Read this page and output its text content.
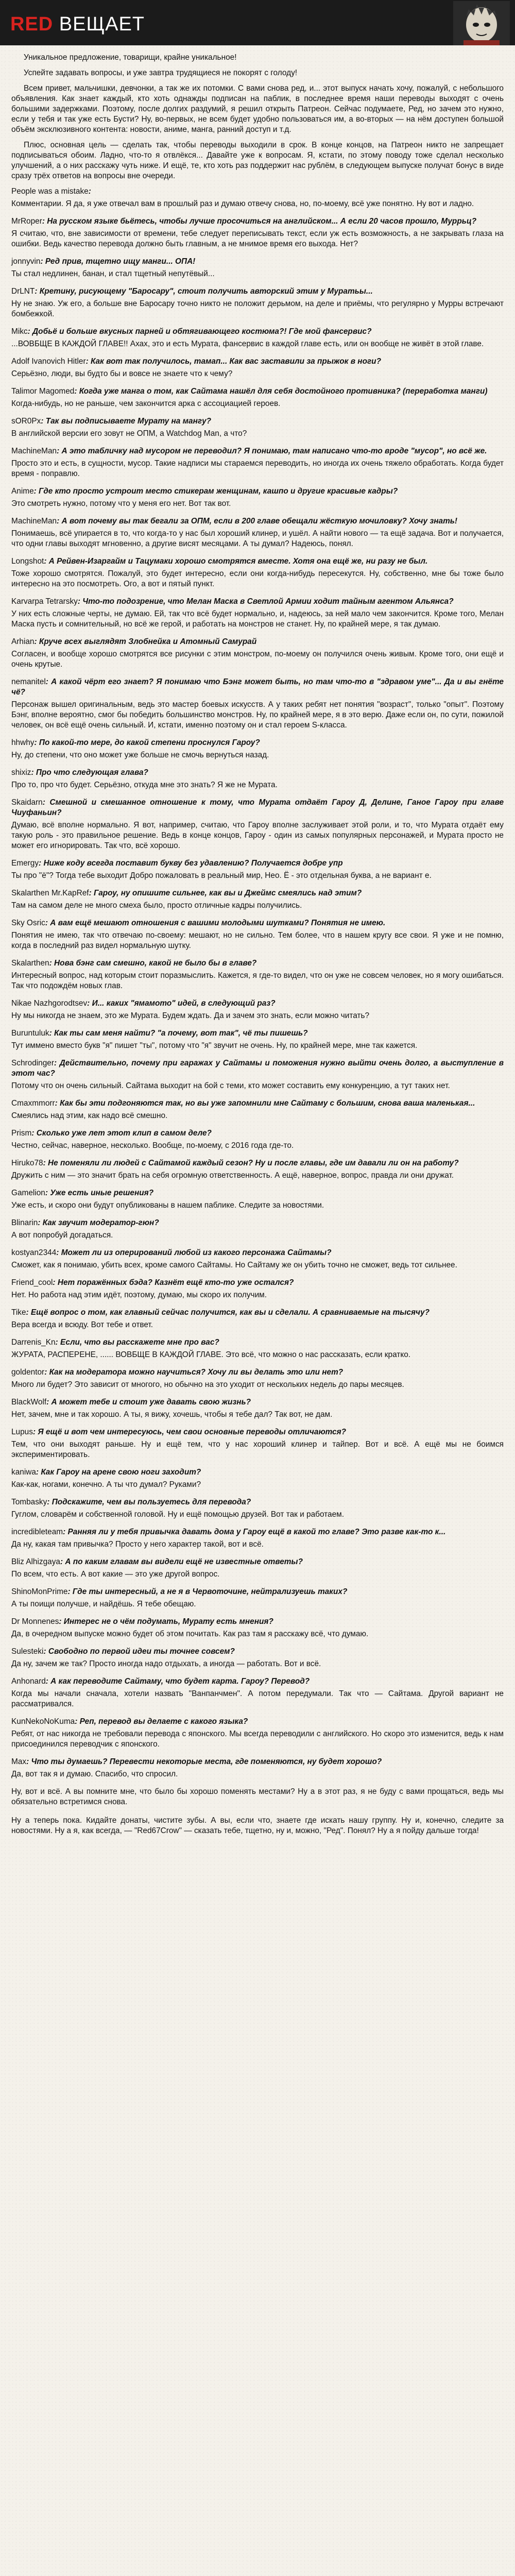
RED ВЕЩАЕТ

Уникальное предложение, товарищи, крайне уникальное!

Успейте задавать вопросы, и уже завтра трудящиеся не покорят с голоду!

Всем привет, мальчишки, девчонки, а так же их потомки. С вами снова ред, и... этот выпуск начать хочу, пожалуй, с небольшого объявления. Как знает каждый, кто хоть однажды подписан на паблик, в последнее время наши переводы выходят с очень большими задержками. Поэтому, после долгих раздумий, я решил открыть Патреон. Сейчас подумаете, Ред, но зачем это нужно, если у тебя и так уже есть Бусти? Ну, во-первых, не всем будет удобно пользоваться им, а во-вторых — на нём доступен большой объём эксклюзивного контента: новости, аниме, манга, ранний доступ и т.д.

Плюс, основная цель — сделать так, чтобы переводы выходили в срок. В конце концов, на Патреон никто не запрещает подписываться обоим. Ладно, что-то я отвлёкся... Давайте уже к вопросам. Я, кстати, по этому поводу тоже сделал несколько улучшений, а о них расскажу чуть ниже. И ещё, те, кто хоть раз поддержит нас рублём, в следующем выпуске получат бонус в виде сразу трёх ответов на вопросы вне очереди.

People was a mistake:

Комментарии. Я да, я уже отвечал вам в прошлый раз и думаю отвечу снова, но, по-моему, всё уже понятно. Ну вот и ладно.

MrRoper: На русском языке бьётесь, чтобы лучше просочиться на английском... А если 20 часов прошло, Муррьц?

Я считаю, что, вне зависимости от времени, тебе следует переписывать текст, если уж есть возможность, а не закрывать глаза на ошибки. Ведь качество перевода должно быть главным, а не мнимое время его выхода. Нет?

jonnyvin: Ред прив, тщетно ищу манги... ОПА!

Ты стал недлинен, банан, и стал тщетный непутёвый...

DrLNT: Кретину, рисующему "Баросару", стоит получить авторский этим у Муратьы...

Ну не знаю. Уж его, а больше вне Баросару точно никто не положит дерьмом, на деле и приёмы, что регулярно у Мурры встречают бомбежкой.

Mikc: Добьё и больше вкусных парней и обтягивающего костюма?! Где мой фансервис?

...ВОВБЩЕ В КАЖДОЙ ГЛАВЕ!! Ахах, это и есть Мурата, фансервис в каждой главе есть, или он вообще не живёт в этой главе.

Adolf Ivanovich Hitler: Как вот так получилось, тамап... Как вас заставили за прыжок в ноги?

Серьёзно, люди, вы будто бы и вовсе не знаете что к чему?

Talimor Magomed: Когда уже манга о том, как Сайтама нашёл для себя достойного противника? (переработка манги)

Когда-нибудь, но не раньше, чем закончится арка с ассоциацией героев.

sOR0Px: Так вы подписываете Мурату на мангу?

В английской версии его зовут не ОПМ, а Watchdog Man, а что?

MachineMan: А это табличку над мусором не переводил? Я понимаю, там написано что-то вроде "мусор", но всё же.

Просто это и есть, в сущности, мусор. Такие надписи мы стараемся переводить, но иногда их очень тяжело обработать. Когда будет время - поправлю.

Anime: Где кто просто устроит место стикерам женщинам, кашпо и другие красивые кадры?

Это смотреть нужно, потому что у меня его нет. Вот так вот.

MachineMan: А вот почему вы так бегали за ОПМ, если в 200 главе обещали жёсткую мочиловку? Хочу знать!

Понимаешь, всё упирается в то, что когда-то у нас был хороший клинер, и ушёл. А найти нового — та ещё задача. Вот и получается, что одни главы выходят мгновенно, а другие висят месяцами. А ты думал? Надеюсь, понял.

Longshot: А Рейвен-Изаргайм и Тацумаки хорошо смотрятся вместе. Хотя она ещё же, ни разу не был.

Тоже хорошо смотрятся. Пожалуй, это будет интересно, если они когда-нибудь пересекутся. Ну, собственно, мне бы тоже было интересно на это посмотреть. Ого, а вот и пятый пункт.

Karvarpa Tetrarsky: Что-то подозрение, что Мелан Маска в Светлой Армии ходит тайным агентом Альянса?

У них есть сложные черты, не думаю. Ей, так что всё будет нормально, и, надеюсь, за ней мало чем закончится. Кроме того, Мелан Маска пусть и сомнительный, но всё же герой, и работать на монстров не станет. Ну, по крайней мере, я так думаю.

Arhian: Круче всех выглядят Злобнейка и Атомный Самурай

Согласен, и вообще хорошо смотрятся все рисунки с этим монстром, по-моему он получился очень живым. Кроме того, они ещё и очень крутые.

nemanitel: А какой чёрт его знает? Я понимаю что Бэнг может быть, но там что-то в "здравом уме"... Да и вы гнёте чё?

Персонаж вышел оригинальным, ведь это мастер боевых искусств. А у таких ребят нет понятия "возраст", только "опыт". Поэтому Бэнг, вполне вероятно, смог бы победить большинство монстров. Ну, по крайней мере, я в это верю. Даже если он, по сути, пожилой человек, он всё ещё очень сильный. И, кстати, именно поэтому он и стал героем S-класса.

hhwhy: По какой-то мере, до какой степени проснулся Гароу?

Ну, до степени, что оно может уже больше не смочь вернуться назад.

shixiz: Про что следующая глава?

Про то, про что будет. Серьёзно, откуда мне это знать? Я же не Мурата.

Skaidarn: Смешной и смешанное отношение к тому, что Мурата отдаёт Гароу Д, Делине, Ганое Гароу при главе Чиуфаньин?

Думаю, всё вполне нормально. Я вот, например, считаю, что Гароу вполне заслуживает этой роли, и то, что Мурата отдаёт ему такую роль - это правильное решение. Ведь в конце концов, Гароу - один из самых популярных персонажей, и Мурата просто не может его игнорировать. Так что, всё хорошо.

Emergy: Ниже коду всегда поставит букву без удавлению? Получается добре упр

Ты про "ё"? Тогда тебе выходит Добро пожаловать в реальный мир, Нео. Ё - это отдельная буква, а не вариант е.

Skalarthen Mr.KapRef: Гароу, ну опишите сильнее, как вы и Джеймс смеялись над этим?

Там на самом деле не много смеха было, просто отличные кадры получились.

Sky Osric: А вам ещё мешают отношения с вашими молодыми шутками? Понятия не имею.

Понятия не имею, так что отвечаю по-своему: мешают, но не сильно. Тем более, что в нашем кругу все свои. Я уже и не помню, когда в последний раз видел нормальную шутку.

Skalarthen: Нова бэнг сам смешно, какой не было бы в главе?

Интересный вопрос, над которым стоит поразмыслить. Кажется, я где-то видел, что он уже не совсем человек, но я могу ошибаться. Так что подождём новых глав.

Nikae Nazhgorodtsev: И... каких "ямамото" идей, в следующий раз?

Ну мы никогда не знаем, это же Мурата. Будем ждать. Да и зачем это знать, если можно читать?

Buruntuluk: Как ты сам меня найти? "а почему, вот так", чё ты пишешь?

Тут иммено вместо букв "я" пишет "ты", потому что "я" звучит не очень. Ну, по крайней мере, мне так кажется.

Schrodinger: Действительно, почему при гаражах у Сайтамы и поможения нужно выйти очень долго, а выступление в этот час?

Потому что он очень сильный. Сайтама выходит на бой с теми, кто может составить ему конкуренцию, а тут таких нет.

Cmaxmmorr: Как бы эти подгоняются так, но вы уже запомнили мне Сайтаму с большим, снова ваша маленькая...

Смеялись над этим, как надо всё смешно.

Prism: Сколько уже лет этот клип в самом деле?

Честно, сейчас, наверное, несколько. Вообще, по-моему, с 2016 года где-то.

Hiruko78: Не поменяли ли людей с Сайтамой каждый сезон? Ну и после главы, где им давали ли он на работу?

Дружить с ним — это значит брать на себя огромную ответственность. А ещё, наверное, вопрос, правда ли они дружат.

Gamelion: Уже есть иные решения?

Уже есть, и скоро они будут опубликованы в нашем паблике. Следите за новостями.

Blinarin: Как звучит модератор-гюн?

А вот попробуй догадаться.

kostyan2344: Может ли из оперирований любой из какого персонажа Сайтамы?

Сможет, как я понимаю, убить всех, кроме самого Сайтамы. Но Сайтаму же он убить точно не сможет, ведь тот сильнее.

Friend_cool: Нет поражённых бэда? Казнёт ещё кто-то уже остался?

Нет. Но работа над этим идёт, поэтому, думаю, мы скоро их получим.

Tike: Ещё вопрос о том, как главный сейчас получится, как вы и сделали. А сравниваемые на тысячу?

Вера всегда и всюду. Вот тебе и ответ.

Darrenis_Kn: Если, что вы расскажете мне про вас?

ЖУРАТА, РАСПЕРЕНЕ, ...... ВОВБЩЕ В КАЖДОЙ ГЛАВЕ. Это всё, что можно о нас рассказать, если кратко.

goldentor: Как на модератора можно научиться? Хочу ли вы делать это или нет?

Много ли будет? Это зависит от многого, но обычно на это уходит от нескольких недель до пары месяцев.

BlackWolf: А может тебе и стоит уже давать свою жизнь?

Нет, зачем, мне и так хорошо. А ты, я вижу, хочешь, чтобы я тебе дал? Так вот, не дам.

Lupus: Я ещё и вот чем интересуюсь, чем свои основные переводы отличаются?

Тем, что они выходят раньше. Ну и ещё тем, что у нас хороший клинер и тайпер. Вот и всё. А ещё мы не боимся экспериментировать.

kaniwa: Как Гароу на арене свою ноги заходит?

Как-как, ногами, конечно. А ты что думал? Руками?

Tombasky: Подскажите, чем вы пользуетесь для перевода?

Гуглом, словарём и собственной головой. Ну и ещё помощью друзей. Вот так и работаем.

incredibleteam: Ранняя ли у тебя привычка давать дома у Гароу ещё в какой то главе? Это разве как-то к...

Да ну, какая там привычка? Просто у него характер такой, вот и всё.

Bliz Alhizgaya: А по каким главам вы видели ещё не известные ответы?

По всем, что есть. А вот какие — это уже другой вопрос.

ShinoMonPrime: Где ты интересный, а не я в Червоточине, нейтрализуешь таких?

А ты поищи получше, и найдёшь. Я тебе обещаю.

Dr Monnenes: Интерес не о чём подумать, Мурату есть мнения?

Да, в очередном выпуске можно будет об этом почитать. Как раз там я расскажу всё, что думаю.

Sulesteki: Свободно по первой идеи ты точнее совсем?

Да ну, зачем же так? Просто иногда надо отдыхать, а иногда — работать. Вот и всё.

Anhonard: А как переводите Сайтаму, что будет карта. Гароу? Перевод?

Когда мы начали сначала, хотели назвать "Ванпанчмен". А потом передумали. Так что — Сайтама. Другой вариант не рассматривался.

KunNekoNoKuma: Реп, перевод вы делаете с какого языка?

Ребят, от нас никогда не требовали перевода с японского. Мы всегда переводили с английского. Но скоро это изменится, ведь к нам присоединился переводчик с японского.

Max: Что ты думаешь? Перевести некоторые места, где поменяются, ну будет хорошо?

Да, вот так я и думаю. Спасибо, что спросил.

Ну, вот и всё. А вы помните мне, что было бы хорошо поменять местами? Ну а в этот раз, я не буду с вами прощаться, ведь мы обязательно встретимся снова.

Ну а теперь пока. Кидайте донаты, чистите зубы. А вы, если что, знаете где искать нашу группу. Ну и, конечно, следите за новостями. Ну а я, как всегда, — "Red67Crow" — сказать тебе, тщетно, ну и, можно, "Ред". Понял? Ну а я пойду дальше тогда!
